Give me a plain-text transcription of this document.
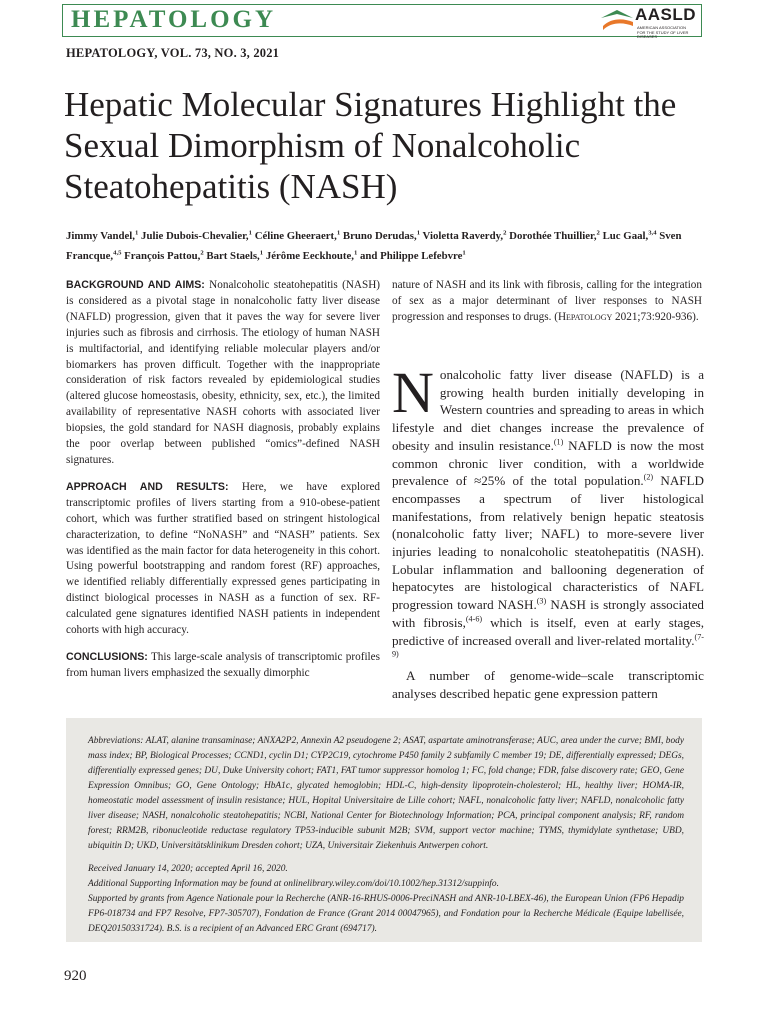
HEPATOLOGY	AASLD
AMERICAN ASSOCIATION FOR THE STUDY OF LIVER DISEASES
HEPATOLOGY, VOL. 73, NO. 3, 2021
Hepatic Molecular Signatures Highlight the Sexual Dimorphism of Nonalcoholic Steatohepatitis (NASH)
Jimmy Vandel,$^1$ Julie Dubois-Chevalier,$^1$ Céline Gheeraert,$^1$ Bruno Derudas,$^1$ Violetta Raverdy,$^2$ Dorothée Thuillier,$^2$ Luc Gaal,$^{3,4}$ Sven Francque,$^{4,5}$ François Pattou,$^2$ Bart Staels,$^1$ Jérôme Eeckhoute,$^1$ and Philippe Lefebvre$^1$

BACKGROUND AND AIMS: Nonalcoholic steatohepatitis (NASH) is considered as a pivotal stage in nonalcoholic fatty liver disease (NAFLD) progression, given that it paves the way for severe liver injuries such as fibrosis and cirrhosis. The etiology of human NASH is multifactorial, and identifying reliable molecular players and/or biomarkers has proven difficult. Together with the inappropriate consideration of risk factors revealed by epidemiological studies (altered glucose homeostasis, obesity, ethnicity, sex, etc.), the limited availability of representative NASH cohorts with associated liver biopsies, the gold standard for NASH diagnosis, probably explains the poor overlap between published “omics”-defined NASH signatures.

APPROACH AND RESULTS: Here, we have explored transcriptomic profiles of livers starting from a 910-obese-patient cohort, which was further stratified based on stringent histological characterization, to define “NoNASH” and “NASH” patients. Sex was identified as the main factor for data heterogeneity in this cohort. Using powerful bootstrapping and random forest (RF) approaches, we identified reliably differentially expressed genes participating in distinct biological processes in NASH as a function of sex. RF-calculated gene signatures identified NASH patients in independent cohorts with high accuracy.

CONCLUSIONS: This large-scale analysis of transcriptomic profiles from human livers emphasized the sexually dimorphic

nature of NASH and its link with fibrosis, calling for the integration of sex as a major determinant of liver responses to NASH progression and responses to drugs. (Hepatology 2021;73:920-936).

Nonalcoholic fatty liver disease (NAFLD) is a growing health burden initially developing in Western countries and spreading to areas in which lifestyle and diet changes increase the prevalence of obesity and insulin resistance.$^{(1)}$ NAFLD is now the most common chronic liver condition, with a worldwide prevalence of ≈25% of the total population.$^{(2)}$ NAFLD encompasses a spectrum of liver histological manifestations, from relatively benign hepatic steatosis (nonalcoholic fatty liver; NAFL) to more-severe liver injuries leading to nonalcoholic steatohepatitis (NASH). Lobular inflammation and ballooning degeneration of hepatocytes are histological characteristics of NAFL progression toward NASH.$^{(3)}$ NASH is strongly associated with fibrosis,$^{(4-6)}$ which is itself, even at early stages, predictive of increased overall and liver-related mortality.$^{(7-9)}$

A number of genome-wide–scale transcriptomic analyses described hepatic gene expression pattern

Abbreviations: ALAT, alanine transaminase; ANXA2P2, Annexin A2 pseudogene 2; ASAT, aspartate aminotransferase; AUC, area under the curve; BMI, body mass index; BP, Biological Processes; CCND1, cyclin D1; CYP2C19, cytochrome P450 family 2 subfamily C member 19; DE, differentially expressed; DEGs, differentially expressed genes; DU, Duke University cohort; FAT1, FAT tumor suppressor homolog 1; FC, fold change; FDR, false discovery rate; GEO, Gene Expression Omnibus; GO, Gene Ontology; HbA1c, glycated hemoglobin; HDL-C, high-density lipoprotein-cholesterol; HL, healthy liver; HOMA-IR, homeostatic model assessment of insulin resistance; HUL, Hopital Universitaire de Lille cohort; NAFL, nonalcoholic fatty liver; NAFLD, nonalcoholic fatty liver disease; NASH, nonalcoholic steatohepatitis; NCBI, National Center for Biotechnology Information; PCA, principal component analysis; RF, random forest; RRM2B, ribonucleotide reductase regulatory TP53-inducible subunit M2B; SVM, support vector machine; TYMS, thymidylate synthetase; UBD, ubiquitin D; UKD, Universitätsklinikum Dresden cohort; UZA, Universitair Ziekenhuis Antwerpen cohort.

Received January 14, 2020; accepted April 16, 2020.

Additional Supporting Information may be found at onlinelibrary.wiley.com/doi/10.1002/hep.31312/suppinfo.

Supported by grants from Agence Nationale pour la Recherche (ANR-16-RHUS-0006-PreciNASH and ANR-10-LBEX-46), the European Union (FP6 Hepadip FP6-018734 and FP7 Resolve, FP7-305707), Fondation de France (Grant 2014 00047965), and Fondation pour la Recherche Médicale (Equipe labellisée, DEQ20150331724). B.S. is a recipient of an Advanced ERC Grant (694717).

920
